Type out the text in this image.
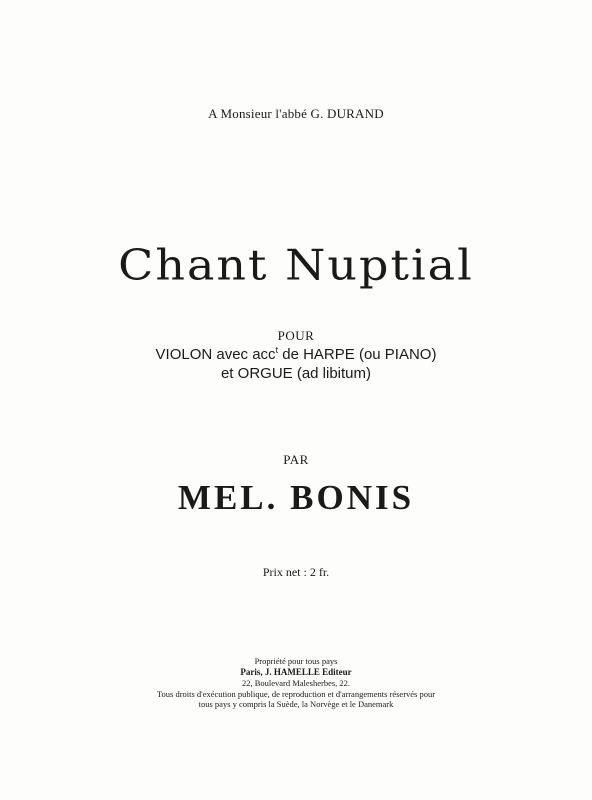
A Monsieur l'abbé G. DURAND
Chant Nuptial
POUR
VIOLON avec acc$^t$ de HARPE (ou PIANO)
et ORGUE (ad libitum)
PAR
MEL. BONIS
Prix net : 2 fr.
Propriété pour tous pays
Paris, J. HAMELLE Editeur
22, Boulevard Malesherbes, 22.
Tous droits d'exécution publique, de reproduction et d'arrangements réservés pour
tous pays y compris la Suède, la Norvège et le Danemark
